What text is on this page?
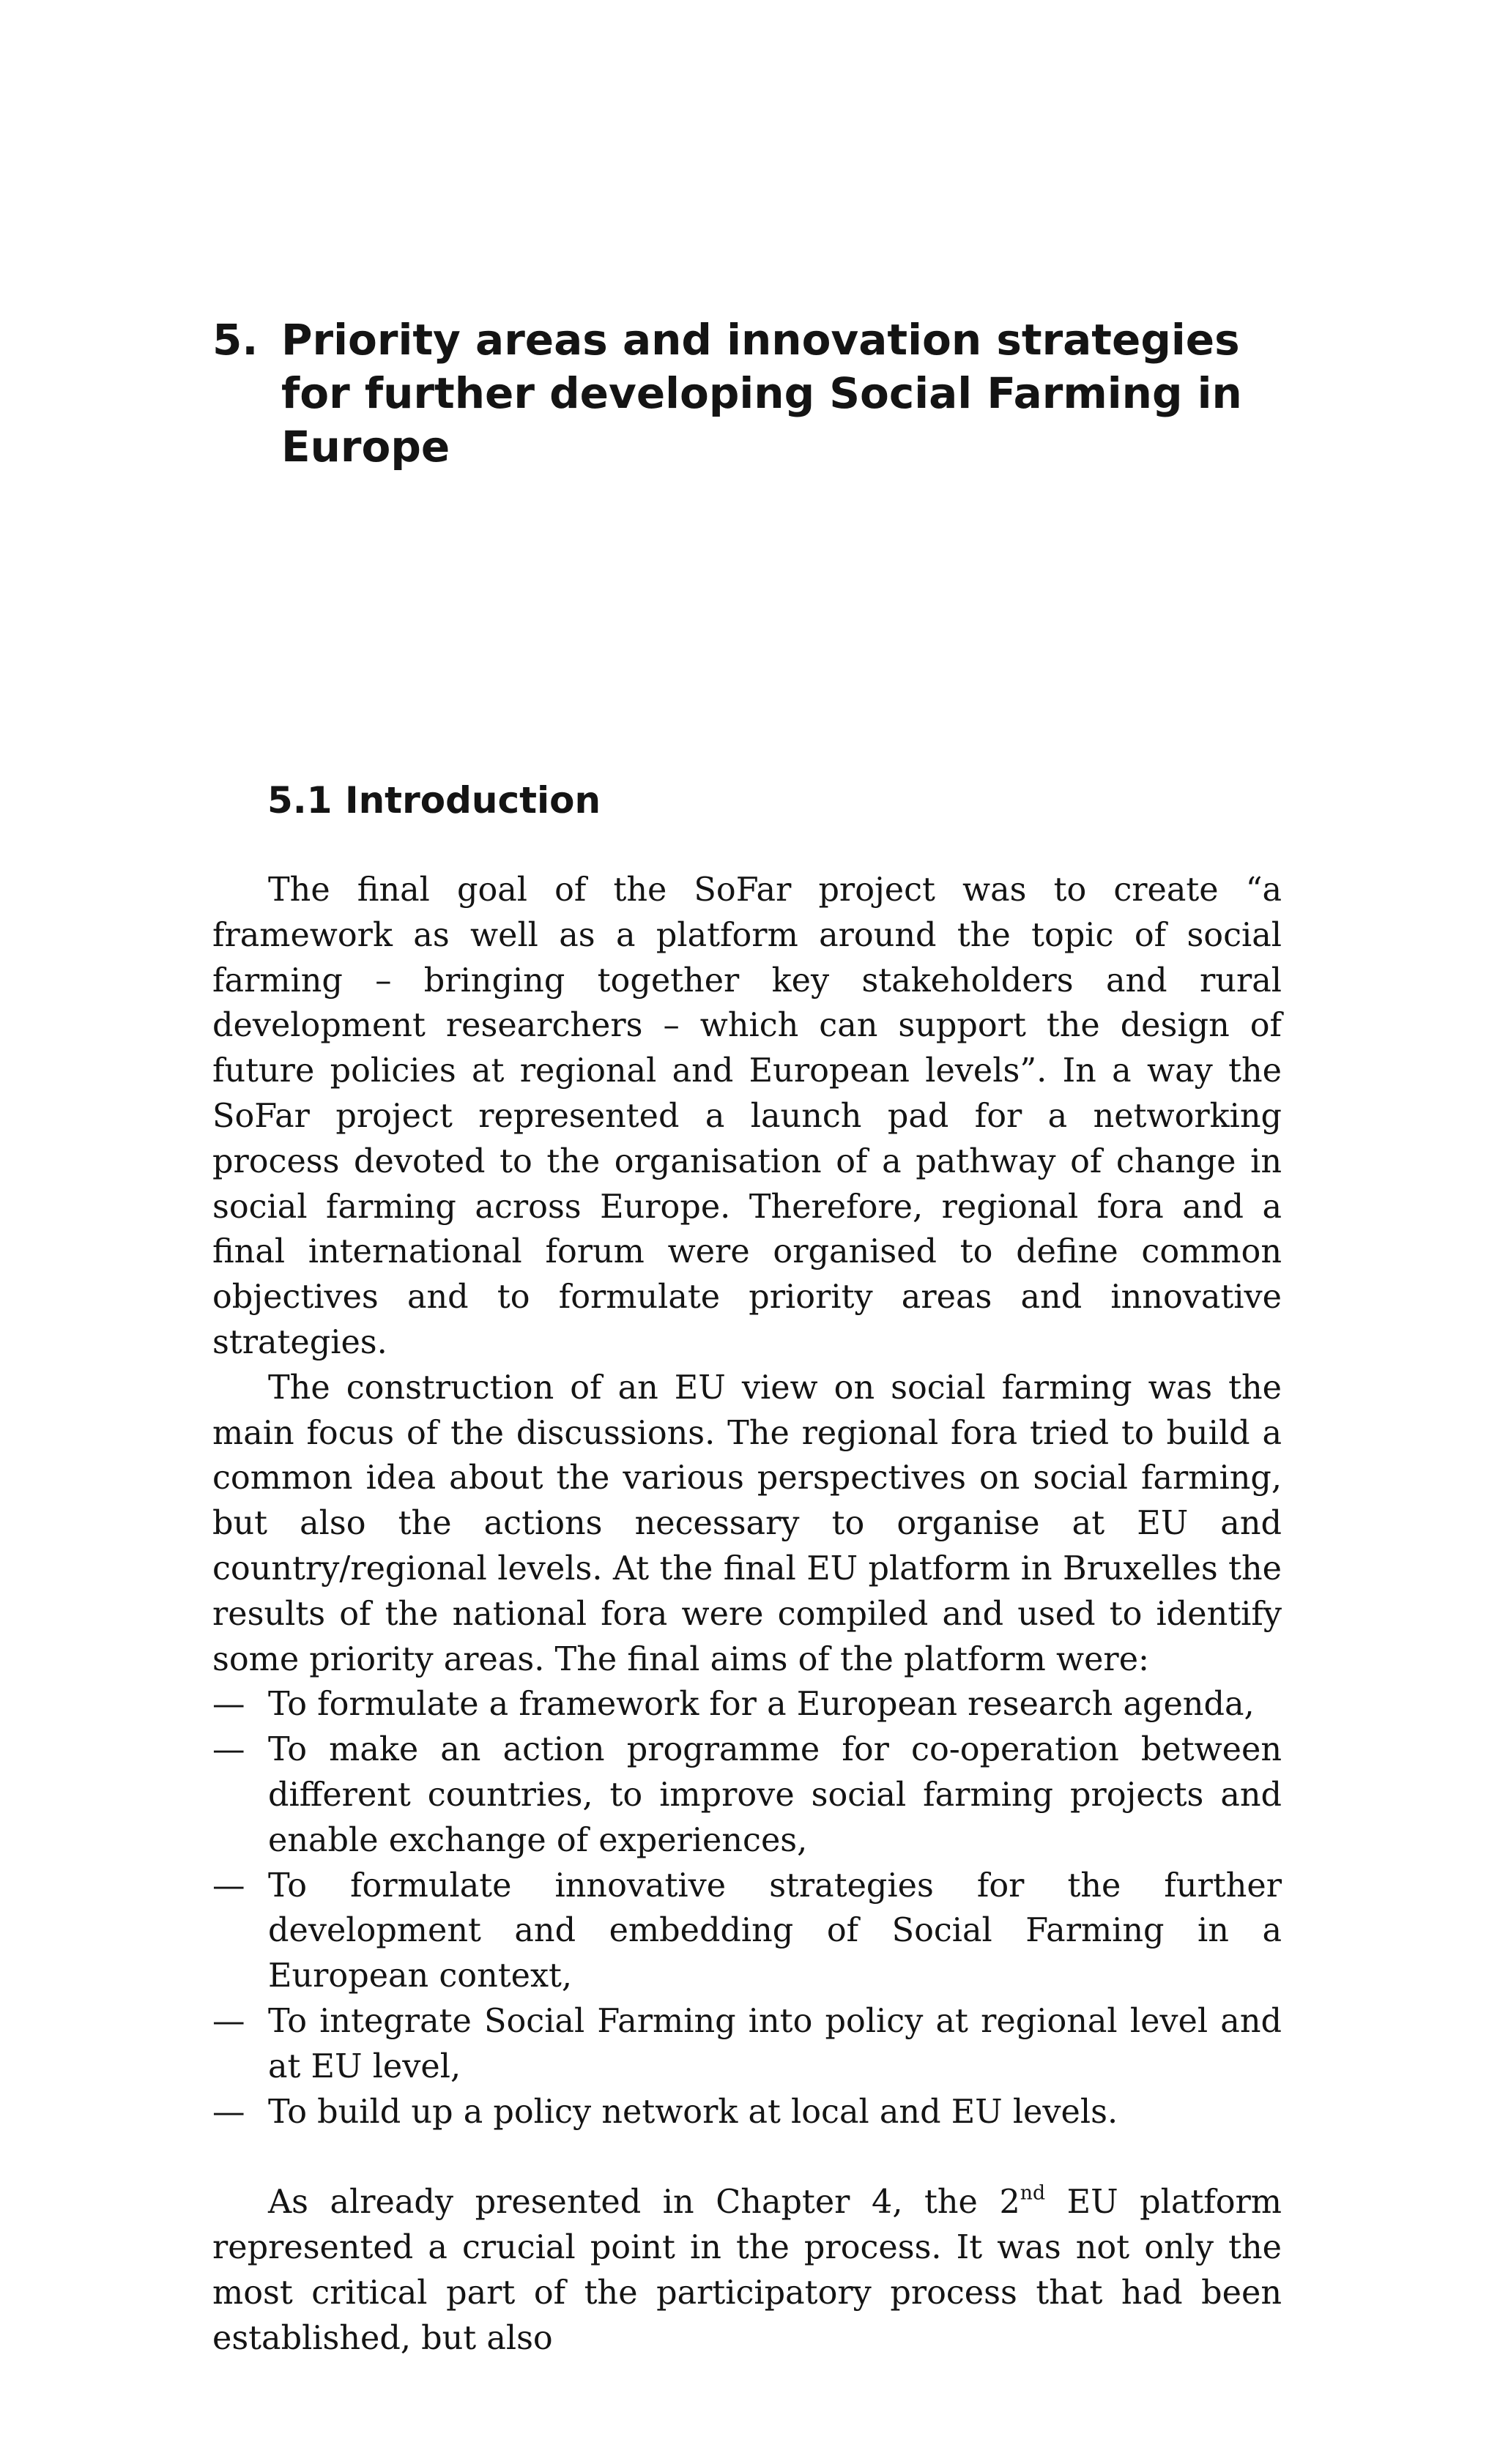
5. Priority areas and innovation strategies for further developing Social Farming in Europe
5.1 Introduction

The final goal of the SoFar project was to create “a framework as well as a platform around the topic of social farming – bringing together key stakeholders and rural development researchers – which can support the design of future policies at regional and European levels”. In a way the SoFar project represented a launch pad for a networking process devoted to the organisation of a pathway of change in social farming across Europe. Therefore, regional fora and a final international forum were organised to define common objectives and to formulate priority areas and innovative strategies.

The construction of an EU view on social farming was the main focus of the discussions. The regional fora tried to build a common idea about the various perspectives on social farming, but also the actions necessary to organise at EU and country/regional levels. At the final EU platform in Bruxelles the results of the national fora were compiled and used to identify some priority areas. The final aims of the platform were:

— To formulate a framework for a European research agenda,
— To make an action programme for co-operation between different countries, to improve social farming projects and enable exchange of experiences,
— To formulate innovative strategies for the further development and embedding of Social Farming in a European context,
— To integrate Social Farming into policy at regional level and at EU level,
— To build up a policy network at local and EU levels.

As already presented in Chapter 4, the 2nd EU platform represented a crucial point in the process. It was not only the most critical part of the participatory process that had been established, but also
